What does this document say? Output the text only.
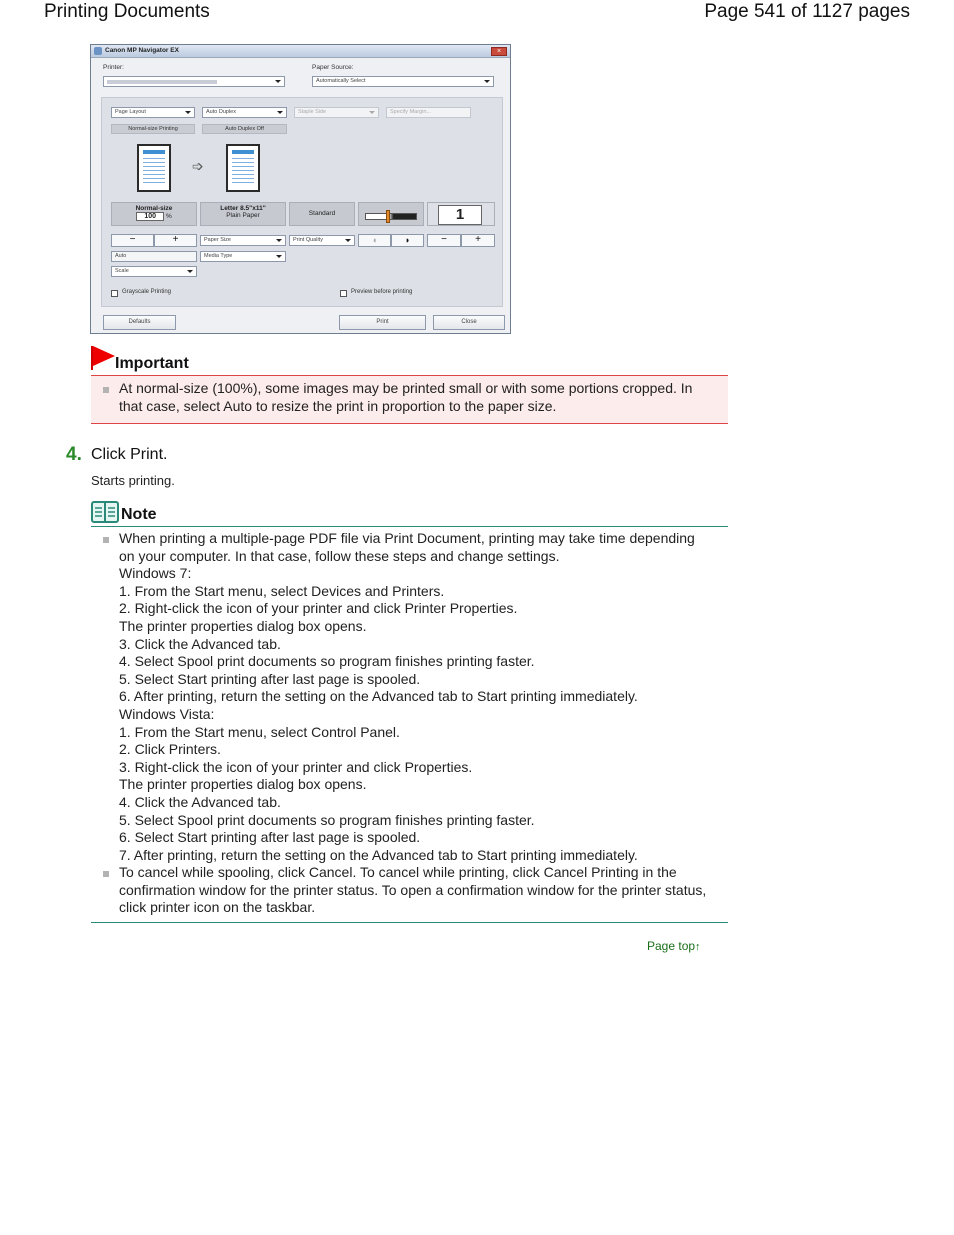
Printing Documents	Page 541 of 1127 pages
Canon MP Navigator EX	×
Printer:	Paper Source:
Automatically Select
Page Layout	Auto Duplex	Staple Side	Specify Margin...
Normal-size Printing	Auto Duplex Off
➩
Normal-size
100 %
Letter 8.5"x11"
Plain Paper	Standard	1
−	+	Paper Size	Print Quality	◖	◗	−	+
Auto	Media Type
Scale
Grayscale Printing	Preview before printing
Defaults	Print	Close
Important
At normal-size (100%), some images may be printed small or with some portions cropped. In that case, select Auto to resize the print in proportion to the paper size.
4. Click Print.
Starts printing.
Note
When printing a multiple-page PDF file via Print Document, printing may take time depending
on your computer. In that case, follow these steps and change settings.
Windows 7:
1. From the Start menu, select Devices and Printers.
2. Right-click the icon of your printer and click Printer Properties.
The printer properties dialog box opens.
3. Click the Advanced tab.
4. Select Spool print documents so program finishes printing faster.
5. Select Start printing after last page is spooled.
6. After printing, return the setting on the Advanced tab to Start printing immediately.
Windows Vista:
1. From the Start menu, select Control Panel.
2. Click Printers.
3. Right-click the icon of your printer and click Properties.
The printer properties dialog box opens.
4. Click the Advanced tab.
5. Select Spool print documents so program finishes printing faster.
6. Select Start printing after last page is spooled.
7. After printing, return the setting on the Advanced tab to Start printing immediately.
To cancel while spooling, click Cancel. To cancel while printing, click Cancel Printing in the
confirmation window for the printer status. To open a confirmation window for the printer status,
click printer icon on the taskbar.
Page top↑
